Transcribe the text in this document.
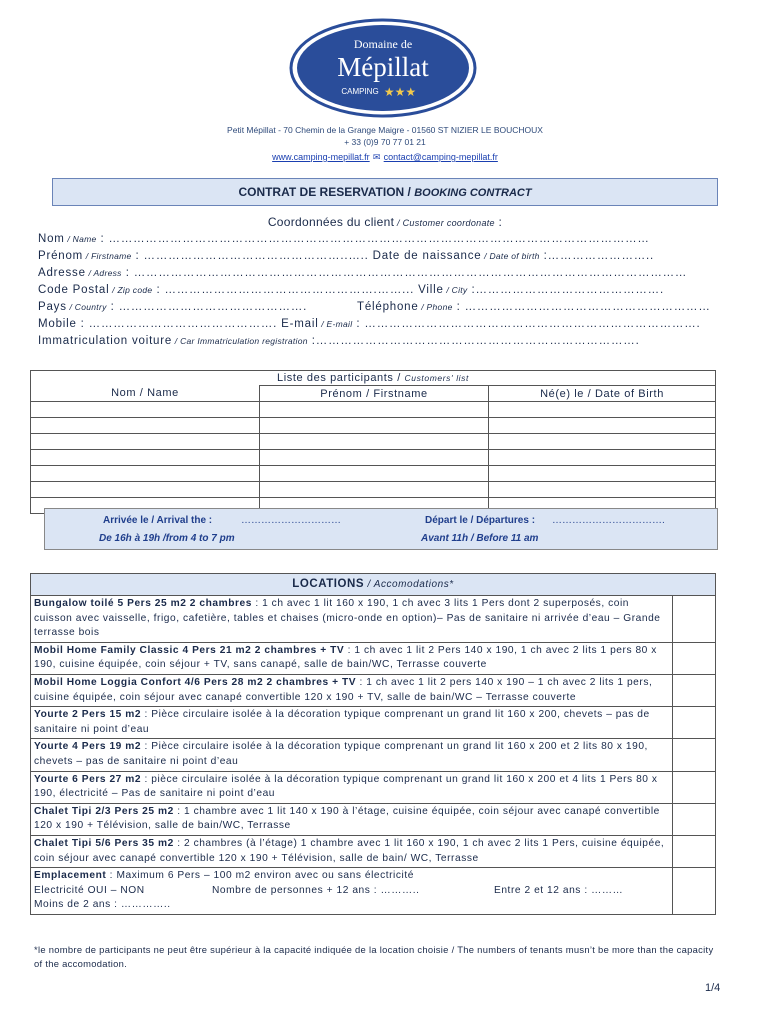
Domaine de
Mépillat
CAMPING ★★★
Petit Mépillat - 70 Chemin de la Grange Maigre - 01560 ST NIZIER LE BOUCHOUX
+ 33 (0)9 70 77 01 21
www.camping-mepillat.fr ✉ contact@camping-mepillat.fr
CONTRAT DE RESERVATION / BOOKING CONTRACT
Coordonnées du client / Customer coordonate :
Nom / Name : ……………………………………………………………………………………………………………………
Prénom / Firstname : …………………………………………..….. Date de naissance / Date of birth :……………………..
Adresse / Adress : ………………………………………………………………………………………………………………………
Code Postal / Zip code : …………………………………………….……... Ville / City :……………………………………….
Pays / Country : ……………………………………….	Téléphone / Phone : ……………………………………………………
Mobile : ………………………………………. E-mail / E-mail : ……………………………………………………………………….
Immatriculation voiture / Car Immatriculation registration :…………………………………………………………………….
Liste des participants / Customers' list		
Nom / Name	Prénom / Firstname	Né(e) le / Date of Birth

Arrivée le / Arrival the :	…………………………
De 16h à 19h /from 4 to 7 pm
Départ le / Départures : …………………………….
Avant 11h / Before 11 am
LOCATIONS / Accomodations*	
Bungalow toilé 5 Pers 25 m2 2 chambres : 1 ch avec 1 lit 160 x 190, 1 ch avec 3 lits 1 Pers dont 2 superposés, coin cuisson avec vaisselle, frigo, cafetière, tables et chaises (micro-onde en option)– Pas de sanitaire ni arrivée d’eau – Grande terrasse bois	
Mobil Home Family Classic 4 Pers 21 m2 2 chambres + TV : 1 ch avec 1 lit 2 Pers 140 x 190, 1 ch avec 2 lits 1 pers 80 x 190, cuisine équipée, coin séjour + TV, sans canapé, salle de bain/WC, Terrasse couverte	
Mobil Home Loggia Confort 4/6 Pers 28 m2 2 chambres + TV : 1 ch avec 1 lit 2 pers 140 x 190 – 1 ch avec 2 lits 1 pers, cuisine équipée, coin séjour avec canapé convertible 120 x 190 + TV, salle de bain/WC – Terrasse couverte	
Yourte 2 Pers 15 m2 : Pièce circulaire isolée à la décoration typique comprenant un grand lit 160 x 200, chevets – pas de sanitaire ni point d’eau	
Yourte 4 Pers 19 m2 : Pièce circulaire isolée à la décoration typique comprenant un grand lit 160 x 200 et 2 lits 80 x 190, chevets – pas de sanitaire ni point d’eau	
Yourte 6 Pers 27 m2 : pièce circulaire isolée à la décoration typique comprenant un grand lit 160 x 200 et 4 lits 1 Pers 80 x 190, électricité – Pas de sanitaire ni point d’eau	
Chalet Tipi 2/3 Pers 25 m2 : 1 chambre avec 1 lit 140 x 190 à l’étage, cuisine équipée, coin séjour avec canapé convertible 120 x 190 + Télévision, salle de bain/WC, Terrasse	
Chalet Tipi 5/6 Pers 35 m2 : 2 chambres (à l’étage) 1 chambre avec 1 lit 160 x 190, 1 ch avec 2 lits 1 Pers, cuisine équipée, coin séjour avec canapé convertible 120 x 190 + Télévision, salle de bain/ WC, Terrasse	
Emplacement : Maximum 6 Pers – 100 m2 environ avec ou sans électricité
Electricité OUI – NON Nombre de personnes + 12 ans : ……….. Entre 2 et 12 ans : ………
Moins de 2 ans : …………..	
*le nombre de participants ne peut être supérieur à la capacité indiquée de la location choisie / The numbers of tenants musn’t be more than the capacity of the accomodation.
1/4
